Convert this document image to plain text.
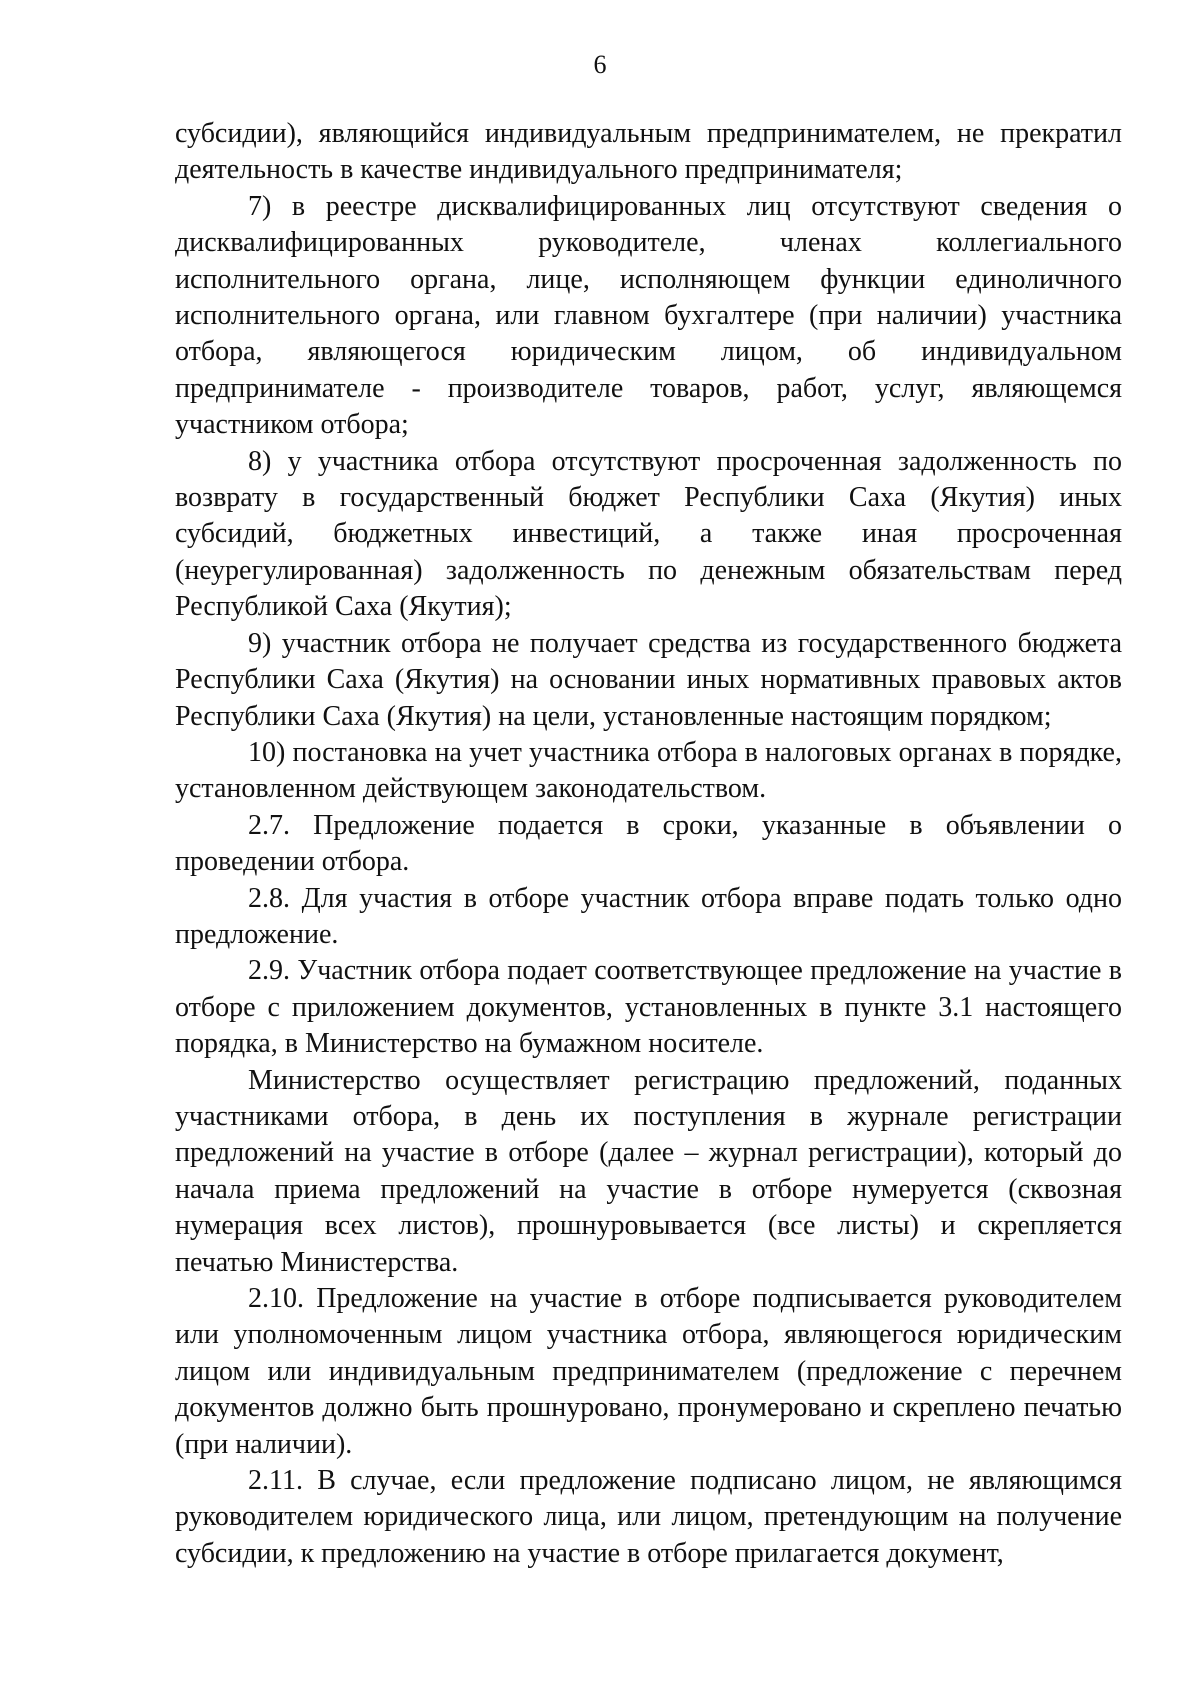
6

субсидии), являющийся индивидуальным предпринимателем, не прекратил деятельность в качестве индивидуального предпринимателя;

7) в реестре дисквалифицированных лиц отсутствуют сведения о дисквалифицированных руководителе, членах коллегиального исполнительного органа, лице, исполняющем функции единоличного исполнительного органа, или главном бухгалтере (при наличии) участника отбора, являющегося юридическим лицом, об индивидуальном предпринимателе - производителе товаров, работ, услуг, являющемся участником отбора;

8) у участника отбора отсутствуют просроченная задолженность по возврату в государственный бюджет Республики Саха (Якутия) иных субсидий, бюджетных инвестиций, а также иная просроченная (неурегулированная) задолженность по денежным обязательствам перед Республикой Саха (Якутия);

9) участник отбора не получает средства из государственного бюджета Республики Саха (Якутия) на основании иных нормативных правовых актов Республики Саха (Якутия) на цели, установленные настоящим порядком;

10) постановка на учет участника отбора в налоговых органах в порядке, установленном действующем законодательством.

2.7. Предложение подается в сроки, указанные в объявлении о проведении отбора.

2.8. Для участия в отборе участник отбора вправе подать только одно предложение.

2.9. Участник отбора подает соответствующее предложение на участие в отборе с приложением документов, установленных в пункте 3.1 настоящего порядка, в Министерство на бумажном носителе.

Министерство осуществляет регистрацию предложений, поданных участниками отбора, в день их поступления в журнале регистрации предложений на участие в отборе (далее – журнал регистрации), который до начала приема предложений на участие в отборе нумеруется (сквозная нумерация всех листов), прошнуровывается (все листы) и скрепляется печатью Министерства.

2.10. Предложение на участие в отборе подписывается руководителем или уполномоченным лицом участника отбора, являющегося юридическим лицом или индивидуальным предпринимателем (предложение с перечнем документов должно быть прошнуровано, пронумеровано и скреплено печатью (при наличии).

2.11. В случае, если предложение подписано лицом, не являющимся руководителем юридического лица, или лицом, претендующим на получение субсидии, к предложению на участие в отборе прилагается документ,
